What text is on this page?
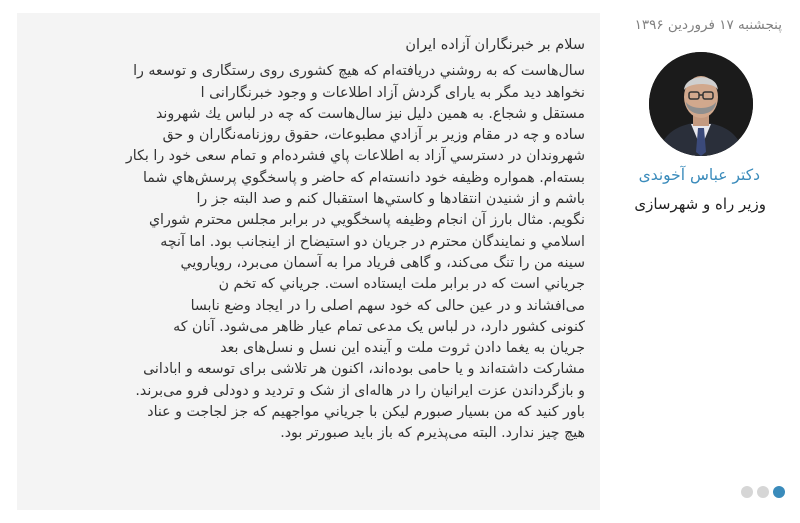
سلام بر خبرنگاران آزاده ایران
سال‌هاست که به روشني دريافته‌ام که هيچ کشوری روی رستگاری و توسعه را
نخواهد ديد مگر به يارای گردش آزاد اطلاعات و وجود خبرنگارانی ا
مستقل و شجاع. به همين دليل نيز سال‌هاست که چه در لباس يك شهروند
ساده و چه در مقام وزير بر آزادي مطبوعات، حقوق روزنامه‌نگاران و حق
شهروندان در دسترسي آزاد به اطلاعات پاي فشرده‌ام و تمام سعی خود را بکار
بسته‌ام. همواره وظيفه خود دانسته‌ام که حاضر و پاسخگوي پرسش‌هاي شما
باشم و از شنيدن انتقادها و کاستي‌ها استقبال کنم و صد البته جز را
نگويم. مثال بارز آن انجام وظيفه پاسخگويي در برابر مجلس محترم شوراي
اسلامي و نمايندگان محترم در جريان دو استيضاح از اينجانب بود. اما آنچه
سينه من را تنگ می‌کند، و گاهی فرياد مرا به آسمان می‌برد، رويارويي
جرياني است که در برابر ملت ايستاده است. جرياني که تخم ن
می‌افشاند و در عين حالی که خود سهم اصلی را در ايجاد وضع نابسا
کنونی کشور دارد، در لباس يک مدعی تمام عيار ظاهر می‌شود. آنان که
جريان به يغما دادن ثروت ملت و آينده اين نسل و نسل‌های بعد
مشارکت داشته‌اند و يا حامی بوده‌اند، اکنون هر تلاشی برای توسعه و ابادانی
و بازگرداندن عزت ايرانيان را در هاله‌ای از شک و ترديد و دودلی فرو می‌برند.
باور کنيد که من بسيار صبورم ليکن با جرياني مواجهيم که جز لجاجت و عناد
هيچ چيز ندارد. البته می‌پذيرم که باز بايد صبورتر بود.
پنجشنبه ۱۷ فروردین ۱۳۹۶
دکتر عباس آخوندی
وزیر راه و شهرسازی
